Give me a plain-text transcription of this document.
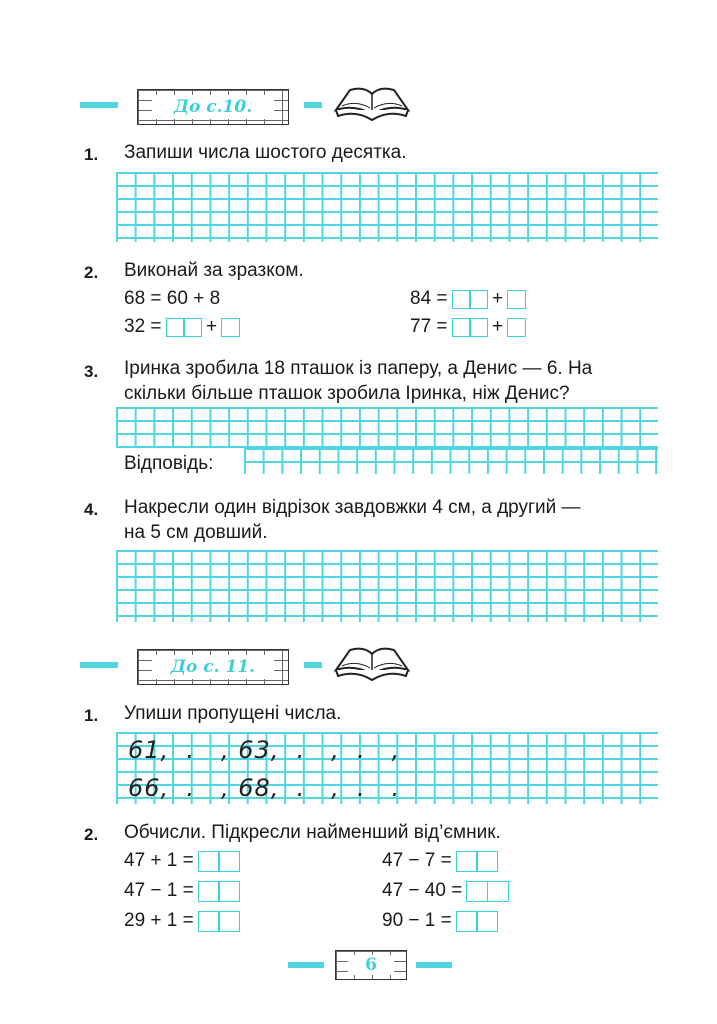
До с.10.
1. Запиши числа шостого десятка.
2. Виконай за зразком.
68 = 60 + 8
32 = +
84 = +
77 = +
3. Іринка зробила 18 пташок із паперу, а Денис — 6. На
скільки більше пташок зробила Іринка, ніж Денис?
Відповідь:
4. Накресли один відрізок завдовжки 4 см, а другий —
на 5 см довший.
До с. 11.
1. Упиши пропущені числа.
61,  .   , 63,  .   ,  .   ,
66,  .   , 68,  .   ,  .   .
2. Обчисли. Підкресли найменший від’ємник.
47 + 1 =
47 − 1 =
29 + 1 =
47 − 7 =
47 − 40 =
90 − 1 =
6
